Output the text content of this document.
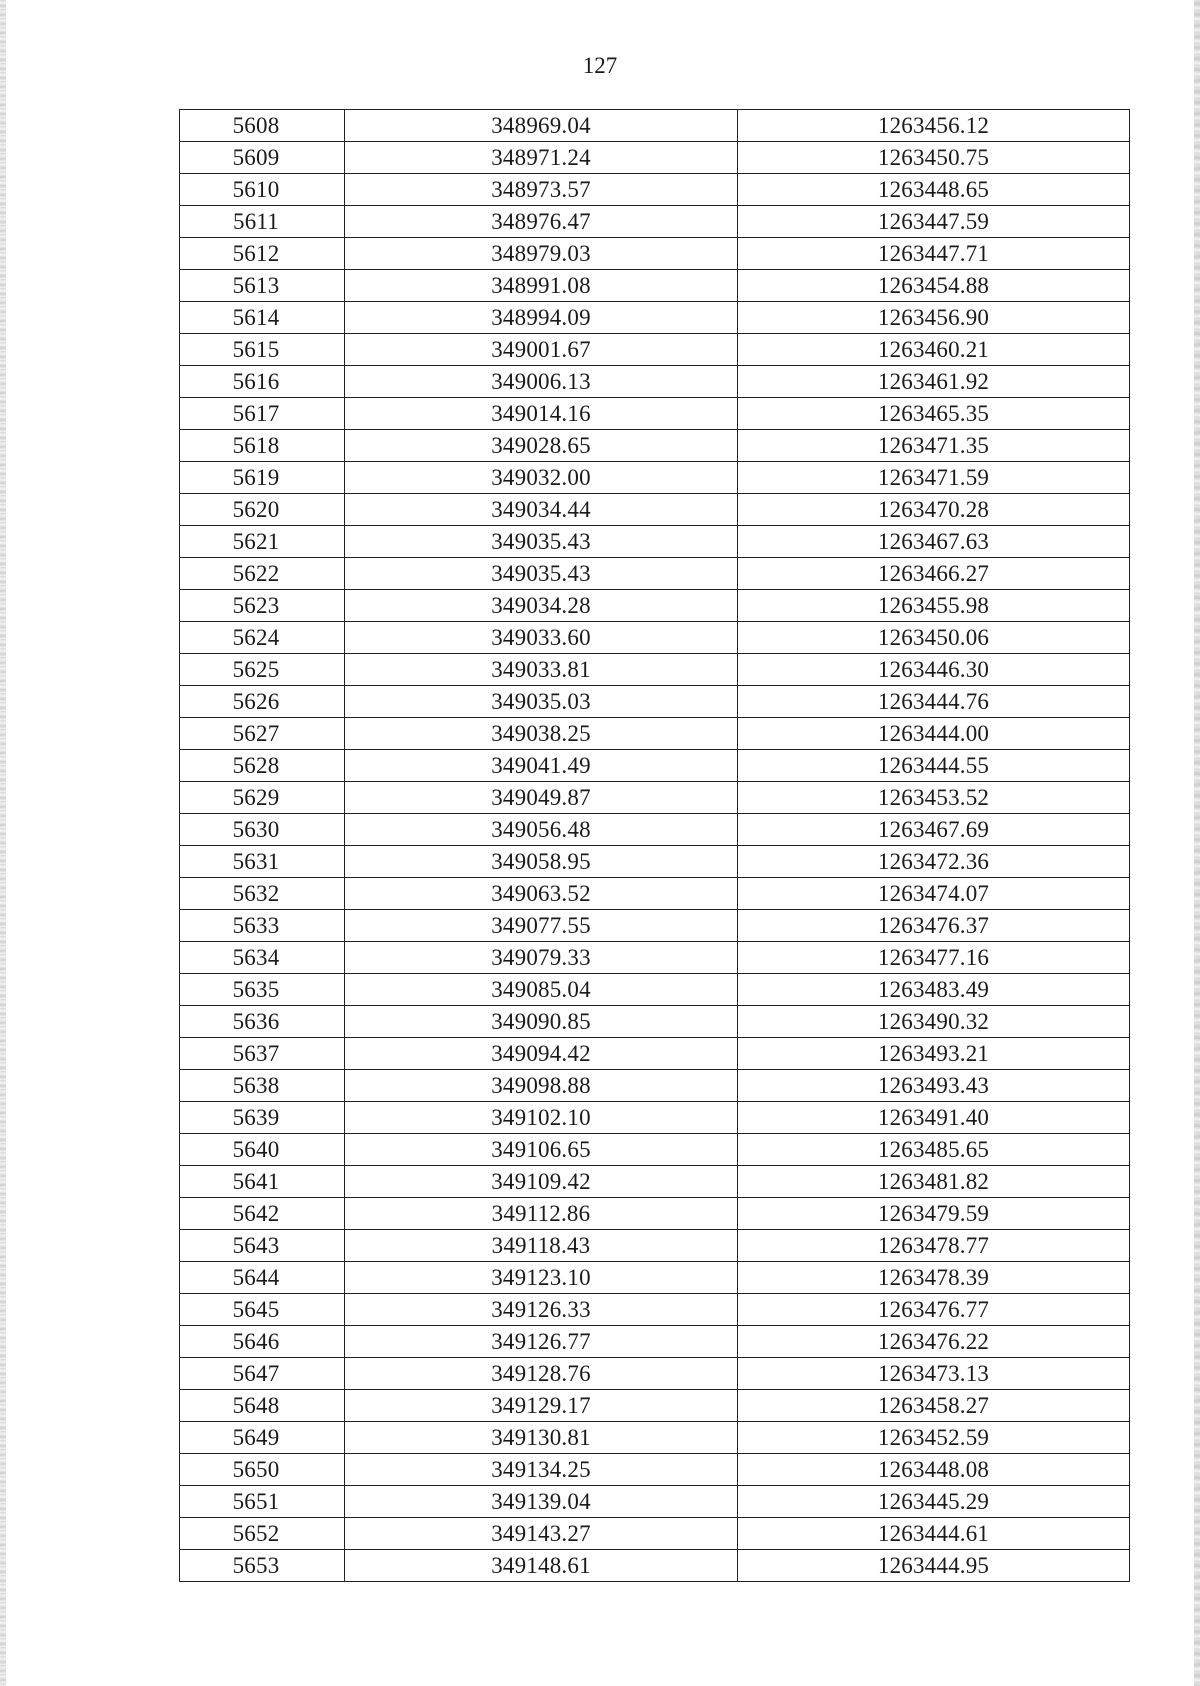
127
5608	348969.04	1263456.12
5609	348971.24	1263450.75
5610	348973.57	1263448.65
5611	348976.47	1263447.59
5612	348979.03	1263447.71
5613	348991.08	1263454.88
5614	348994.09	1263456.90
5615	349001.67	1263460.21
5616	349006.13	1263461.92
5617	349014.16	1263465.35
5618	349028.65	1263471.35
5619	349032.00	1263471.59
5620	349034.44	1263470.28
5621	349035.43	1263467.63
5622	349035.43	1263466.27
5623	349034.28	1263455.98
5624	349033.60	1263450.06
5625	349033.81	1263446.30
5626	349035.03	1263444.76
5627	349038.25	1263444.00
5628	349041.49	1263444.55
5629	349049.87	1263453.52
5630	349056.48	1263467.69
5631	349058.95	1263472.36
5632	349063.52	1263474.07
5633	349077.55	1263476.37
5634	349079.33	1263477.16
5635	349085.04	1263483.49
5636	349090.85	1263490.32
5637	349094.42	1263493.21
5638	349098.88	1263493.43
5639	349102.10	1263491.40
5640	349106.65	1263485.65
5641	349109.42	1263481.82
5642	349112.86	1263479.59
5643	349118.43	1263478.77
5644	349123.10	1263478.39
5645	349126.33	1263476.77
5646	349126.77	1263476.22
5647	349128.76	1263473.13
5648	349129.17	1263458.27
5649	349130.81	1263452.59
5650	349134.25	1263448.08
5651	349139.04	1263445.29
5652	349143.27	1263444.61
5653	349148.61	1263444.95
